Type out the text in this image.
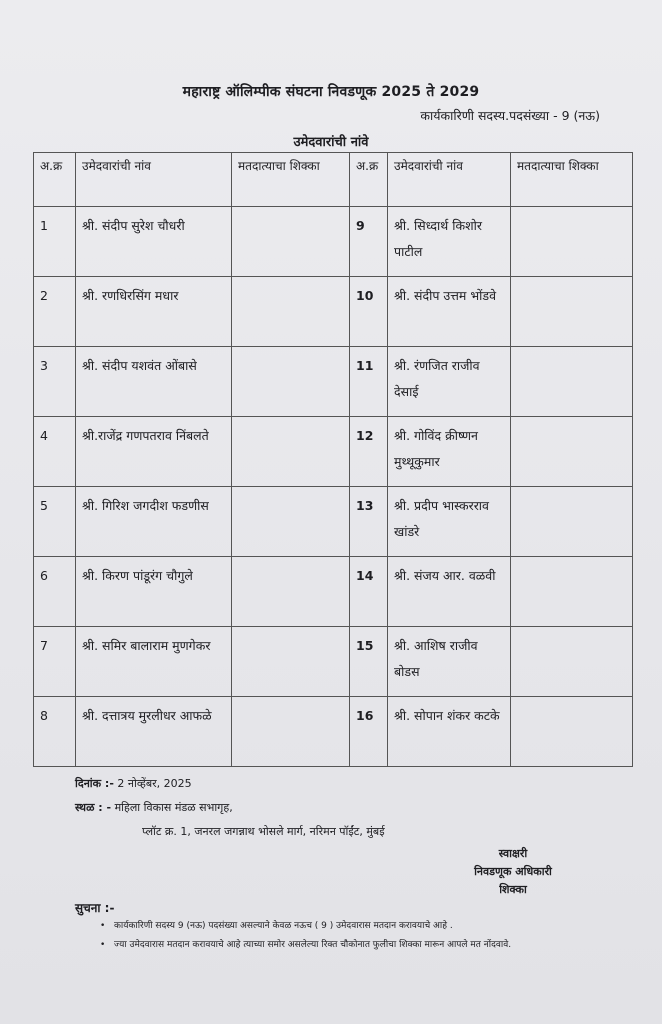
महाराष्ट्र ऑलिम्पीक संघटना निवडणूक 2025 ते 2029
कार्यकारिणी सदस्य.पदसंख्या - 9 (नऊ)
उमेदवारांची नांवे
अ.क्र	उमेदवारांची नांव	मतदात्याचा शिक्का	अ.क्र	उमेदवारांची नांव	मतदात्याचा शिक्का
1	श्री. संदीप सुरेश चौधरी		9	श्री. सिध्दार्थ किशोर पाटील	
2	श्री. रणधिरसिंग मधार		10	श्री. संदीप उत्तम भोंडवे	
3	श्री. संदीप यशवंत ओंबासे		11	श्री. रंणजित राजीव देसाई	
4	श्री.राजेंद्र गणपतराव निंबलते		12	श्री. गोविंद क्रीष्णन मुथ्थूकुमार	
5	श्री. गिरिश जगदीश फडणीस		13	श्री. प्रदीप भास्करराव खांडरे	
6	श्री. किरण पांडूरंग चौगुले		14	श्री. संजय आर. वळवी	
7	श्री. समिर बालाराम मुणगेकर		15	श्री. आशिष राजीव बोडस	
8	श्री. दत्तात्रय मुरलीधर आफळे		16	श्री. सोपान शंकर कटके	
दिनांक :- 2 नोव्हेंबर, 2025
स्थळ : - महिला विकास मंडळ सभागृह,
प्लॉट क्र. 1, जनरल जगन्नाथ भोसले मार्ग, नरिमन पॉईंट, मुंबई
स्वाक्षरी
निवडणूक अधिकारी
शिक्का
सुचना :-
• कार्यकारिणी सदस्य 9 (नऊ) पदसंख्या असल्याने केवळ नऊच ( 9 ) उमेदवारास मतदान करावयाचे आहे .
• ज्या उमेदवारास मतदान करावयाचे आहे त्याच्या समोर असलेल्या रिक्त चौकोनात फुलीचा शिक्का मारून आपले मत नोंदवावे.
